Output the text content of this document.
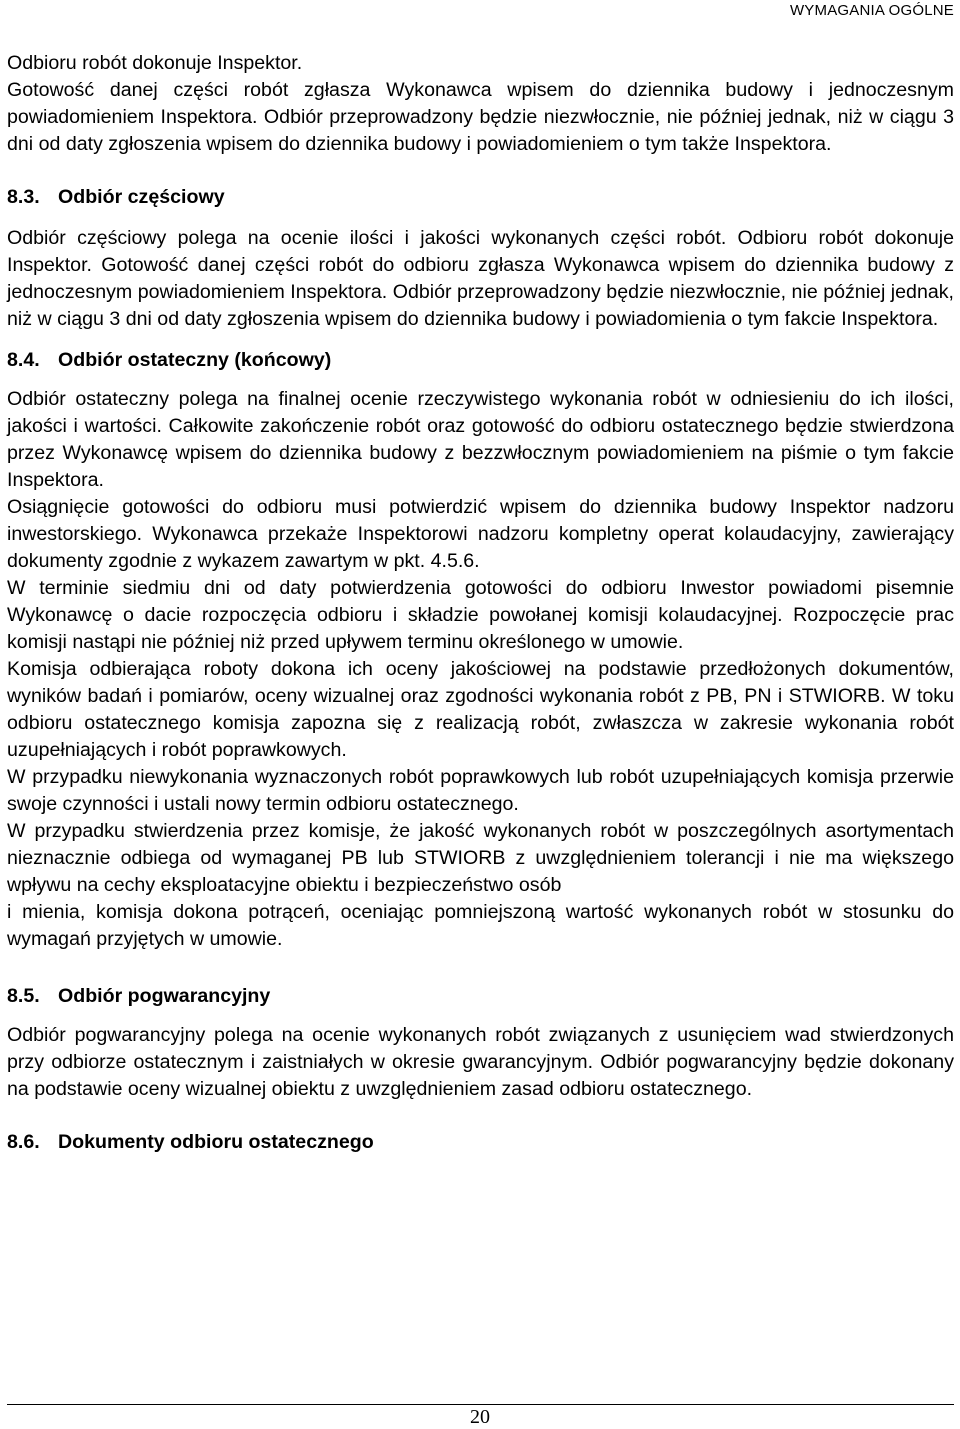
WYMAGANIA OGÓLNE

Odbioru robót dokonuje Inspektor.

Gotowość danej części robót zgłasza Wykonawca wpisem do dziennika budowy i jednoczesnym powiadomieniem Inspektora. Odbiór przeprowadzony będzie niezwłocznie, nie później jednak, niż w ciągu 3 dni od daty zgłoszenia wpisem do dziennika budowy i powiadomieniem o tym także Inspektora.

8.3. Odbiór częściowy

Odbiór częściowy polega na ocenie ilości i jakości wykonanych części robót. Odbioru robót dokonuje Inspektor. Gotowość danej części robót do odbioru zgłasza Wykonawca wpisem do dziennika budowy z jednoczesnym powiadomieniem Inspektora. Odbiór przeprowadzony będzie niezwłocznie, nie później jednak, niż w ciągu 3 dni od daty zgłoszenia wpisem do dziennika budowy i powiadomienia o tym fakcie Inspektora.

8.4. Odbiór ostateczny (końcowy)

Odbiór ostateczny polega na finalnej ocenie rzeczywistego wykonania robót w odniesieniu do ich ilości, jakości i wartości. Całkowite zakończenie robót oraz gotowość do odbioru ostatecznego będzie stwierdzona przez Wykonawcę wpisem do dziennika budowy z bezzwłocznym powiadomieniem na piśmie o tym fakcie Inspektora.

Osiągnięcie gotowości do odbioru musi potwierdzić wpisem do dziennika budowy Inspektor nadzoru inwestorskiego. Wykonawca przekaże Inspektorowi nadzoru kompletny operat kolaudacyjny, zawierający dokumenty zgodnie z wykazem zawartym w pkt. 4.5.6.

W terminie siedmiu dni od daty potwierdzenia gotowości do odbioru Inwestor powiadomi pisemnie Wykonawcę o dacie rozpoczęcia odbioru i składzie powołanej komisji kolaudacyjnej. Rozpoczęcie prac komisji nastąpi nie później niż przed upływem terminu określonego w umowie.

Komisja odbierająca roboty dokona ich oceny jakościowej na podstawie przedłożonych dokumentów, wyników badań i pomiarów, oceny wizualnej oraz zgodności wykonania robót z PB, PN i STWIORB. W toku odbioru ostatecznego komisja zapozna się z realizacją robót, zwłaszcza w zakresie wykonania robót uzupełniających i robót poprawkowych.

W przypadku niewykonania wyznaczonych robót poprawkowych lub robót uzupełniających komisja przerwie swoje czynności i ustali nowy termin odbioru ostatecznego.

W przypadku stwierdzenia przez komisje, że jakość wykonanych robót w poszczególnych asortymentach nieznacznie odbiega od wymaganej PB lub STWIORB z uwzględnieniem tolerancji i nie ma większego wpływu na cechy eksploatacyjne obiektu i bezpieczeństwo osób

i mienia, komisja dokona potrąceń, oceniając pomniejszoną wartość wykonanych robót w stosunku do wymagań przyjętych w umowie.

8.5. Odbiór pogwarancyjny

Odbiór pogwarancyjny polega na ocenie wykonanych robót związanych z usunięciem wad stwierdzonych przy odbiorze ostatecznym i zaistniałych w okresie gwarancyjnym. Odbiór pogwarancyjny będzie dokonany na podstawie oceny wizualnej obiektu z uwzględnieniem zasad odbioru ostatecznego.

8.6. Dokumenty odbioru ostatecznego
20
